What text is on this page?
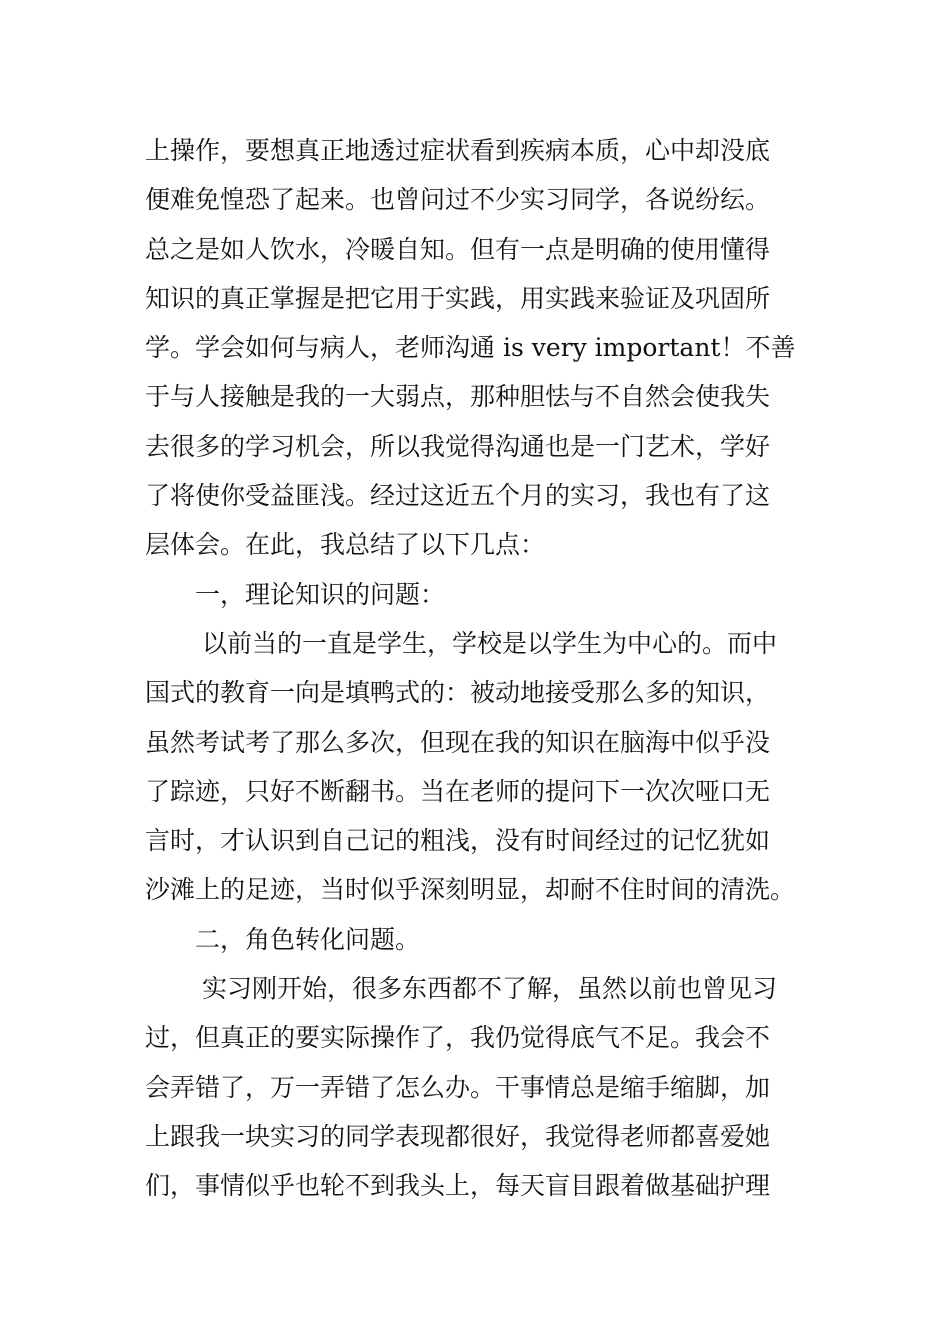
上操作，要想真正地透过症状看到疾病本质，心中却没底
便难免惶恐了起来。也曾问过不少实习同学，各说纷纭。
总之是如人饮水，冷暖自知。但有一点是明确的使用懂得
知识的真正掌握是把它用于实践，用实践来验证及巩固所
学。学会如何与病人，老师沟通 is very important！不善
于与人接触是我的一大弱点，那种胆怯与不自然会使我失
去很多的学习机会，所以我觉得沟通也是一门艺术，学好
了将使你受益匪浅。经过这近五个月的实习，我也有了这
层体会。在此，我总结了以下几点：
一，理论知识的问题：
以前当的一直是学生，学校是以学生为中心的。而中
国式的教育一向是填鸭式的：被动地接受那么多的知识，
虽然考试考了那么多次，但现在我的知识在脑海中似乎没
了踪迹，只好不断翻书。当在老师的提问下一次次哑口无
言时，才认识到自己记的粗浅，没有时间经过的记忆犹如
沙滩上的足迹，当时似乎深刻明显，却耐不住时间的清洗。
二，角色转化问题。
实习刚开始，很多东西都不了解，虽然以前也曾见习
过，但真正的要实际操作了，我仍觉得底气不足。我会不
会弄错了，万一弄错了怎么办。干事情总是缩手缩脚，加
上跟我一块实习的同学表现都很好，我觉得老师都喜爱她
们，事情似乎也轮不到我头上，每天盲目跟着做基础护理
